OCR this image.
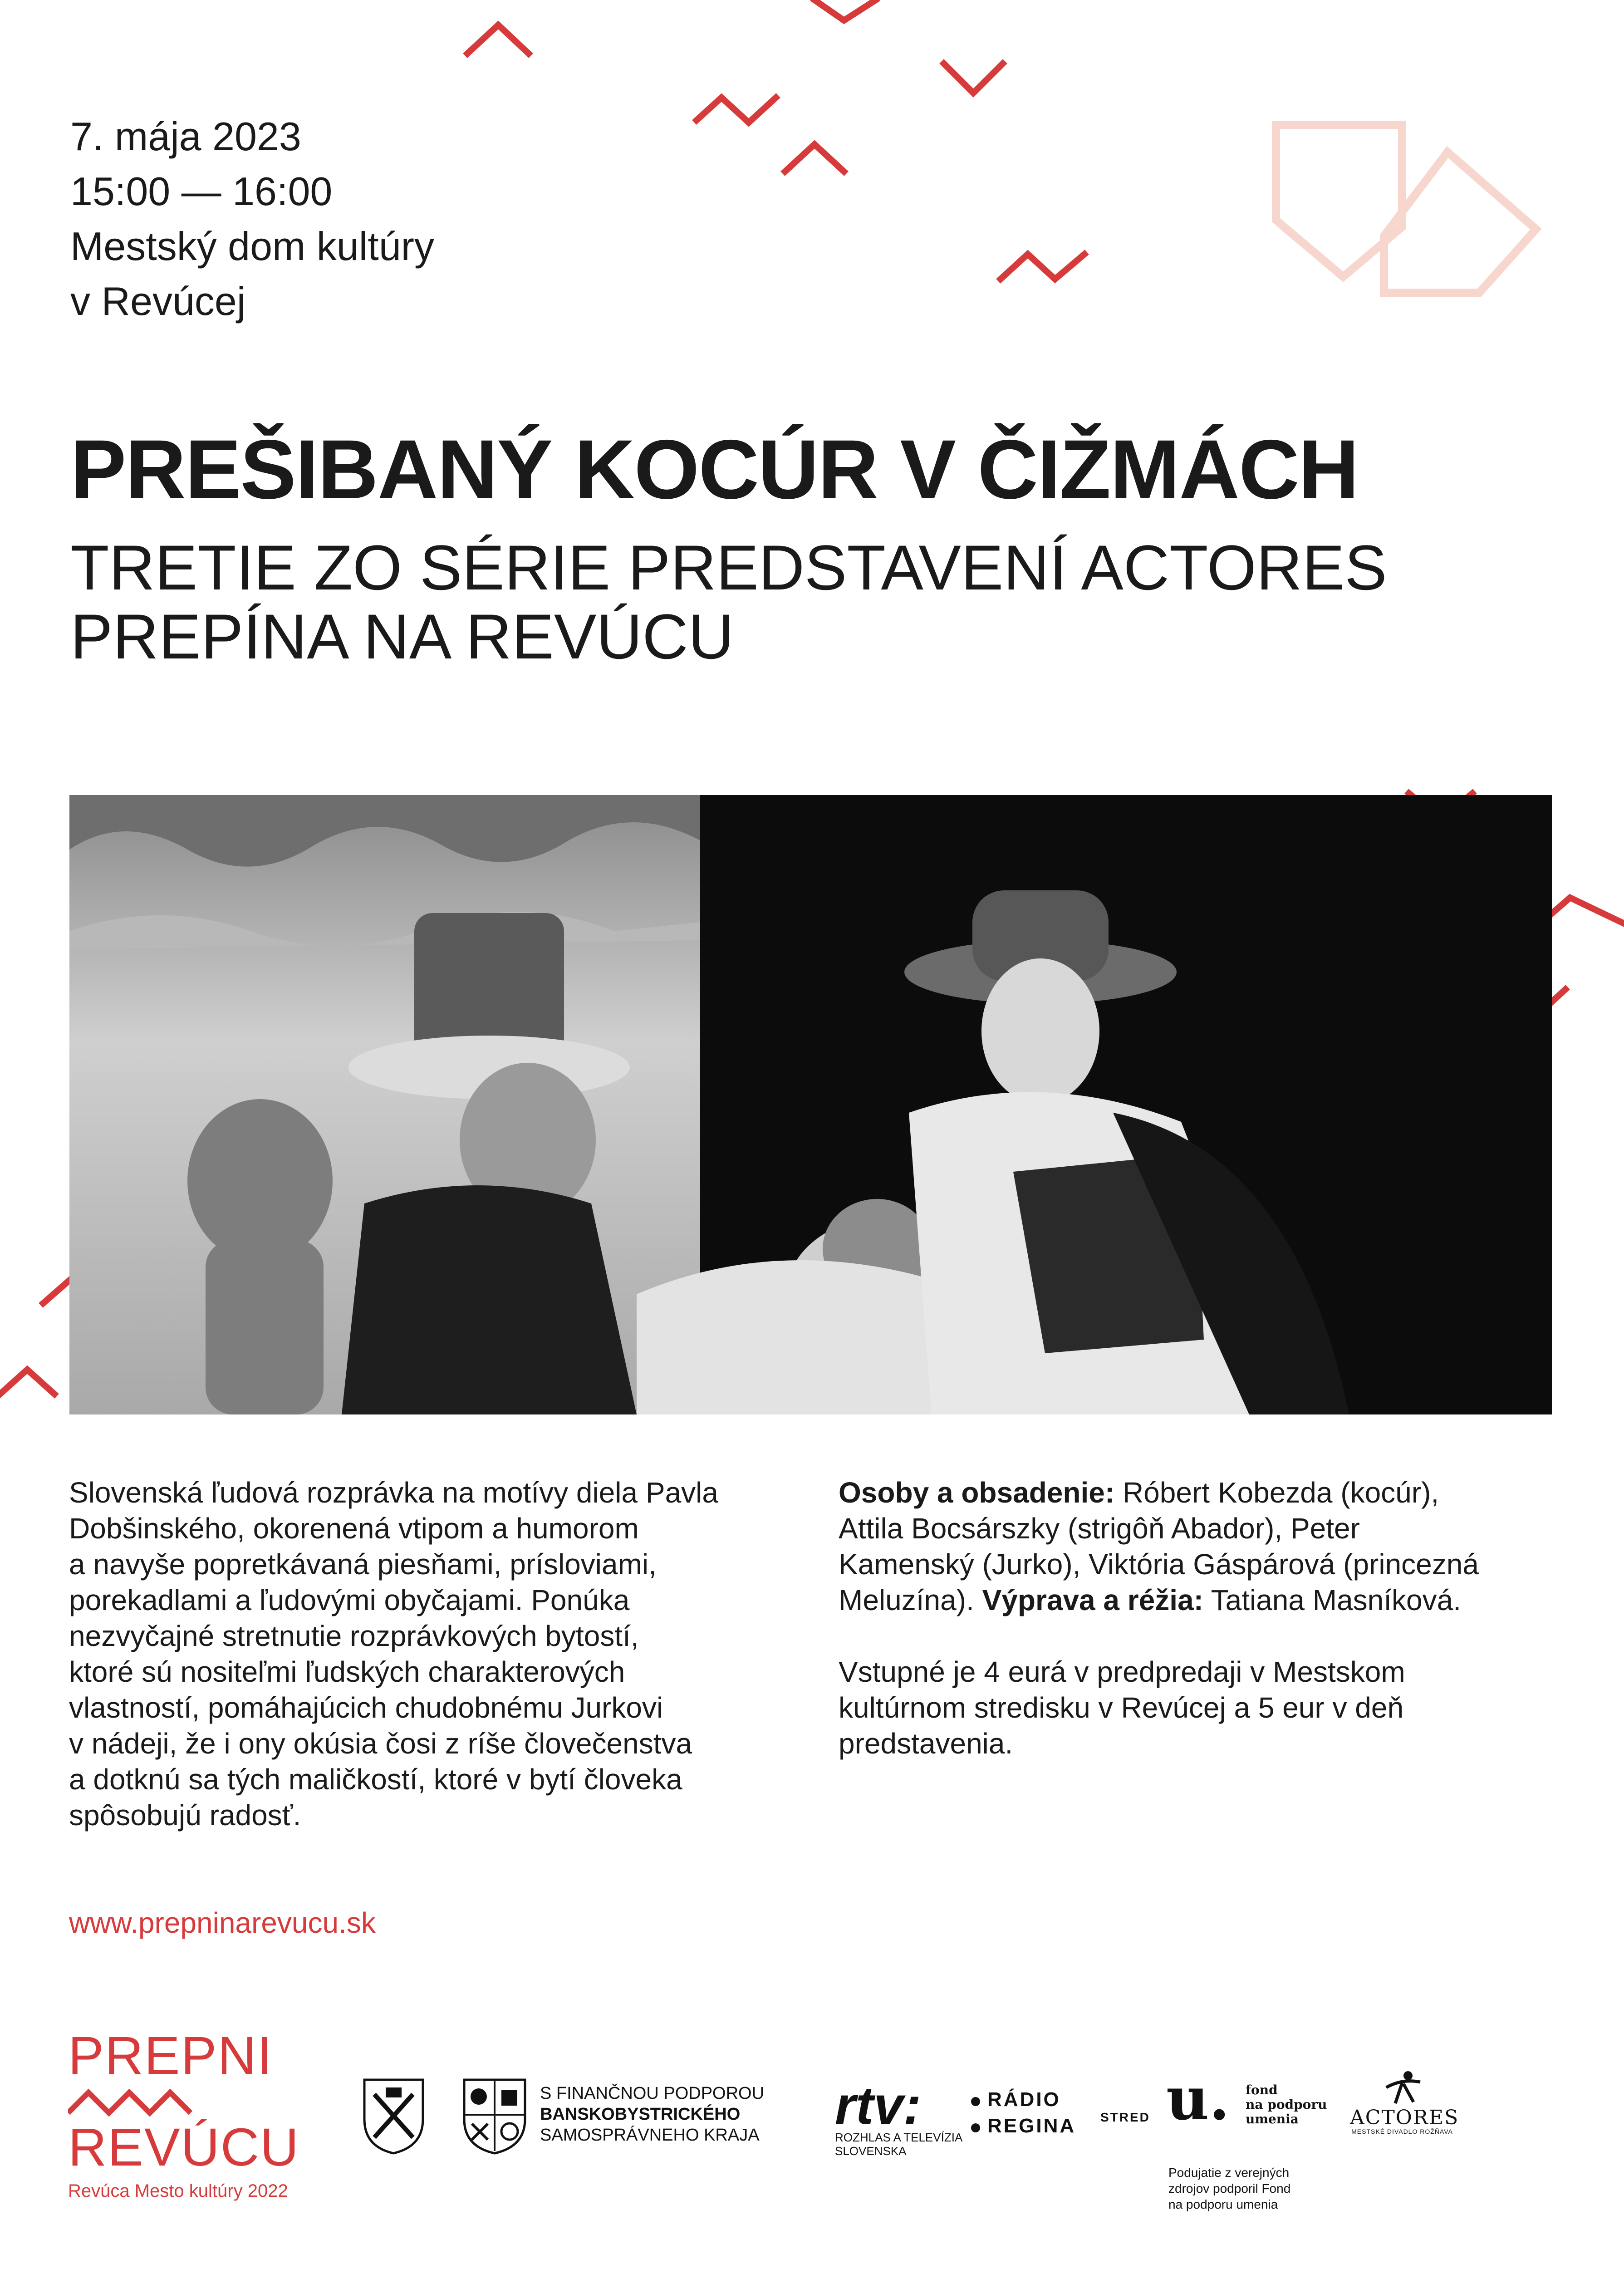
7. mája 2023
15:00 — 16:00
Mestský dom kultúry
v Revúcej
PREŠIBANÝ KOCÚR V ČIŽMÁCH
TRETIE ZO SÉRIE PREDSTAVENÍ ACTORES
PREPÍNA NA REVÚCU

Slovenská ľudová rozprávka na motívy diela Pavla
Dobšinského, okorenená vtipom a humorom
a navyše popretkávaná piesňami, prísloviami,
porekadlami a ľudovými obyčajami. Ponúka
nezvyčajné stretnutie rozprávkových bytostí,
ktoré sú nositeľmi ľudských charakterových
vlastností, pomáhajúcich chudobnému Jurkovi
v nádeji, že i ony okúsia čosi z ríše človečenstva
a dotknú sa tých maličkostí, ktoré v bytí človeka
spôsobujú radosť.

Osoby a obsadenie: Róbert Kobezda (kocúr),
Attila Bocsárszky (strigôň Abador), Peter
Kamenský (Jurko), Viktória Gáspárová (princezná
Meluzína). Výprava a réžia: Tatiana Masníková.

Vstupné je 4 eurá v predpredaji v Mestskom
kultúrnom stredisku v Revúcej a 5 eur v deň
predstavenia.

www.prepninarevucu.sk
PREPNI
REVÚCU
Revúca Mesto kultúry 2022
S FINANČNOU PODPOROU
BANSKOBYSTRICKÉHO
SAMOSPRÁVNEHO KRAJA rtv:
ROZHLAS A TELEVÍZIA
SLOVENSKA
RÁDIO
REGINA STRED u. fond
na podporu
umenia
Podujatie z verejných
zdrojov podporil Fond
na podporu umenia
ACTORES
MESTSKÉ DIVADLO ROŽŇAVA
